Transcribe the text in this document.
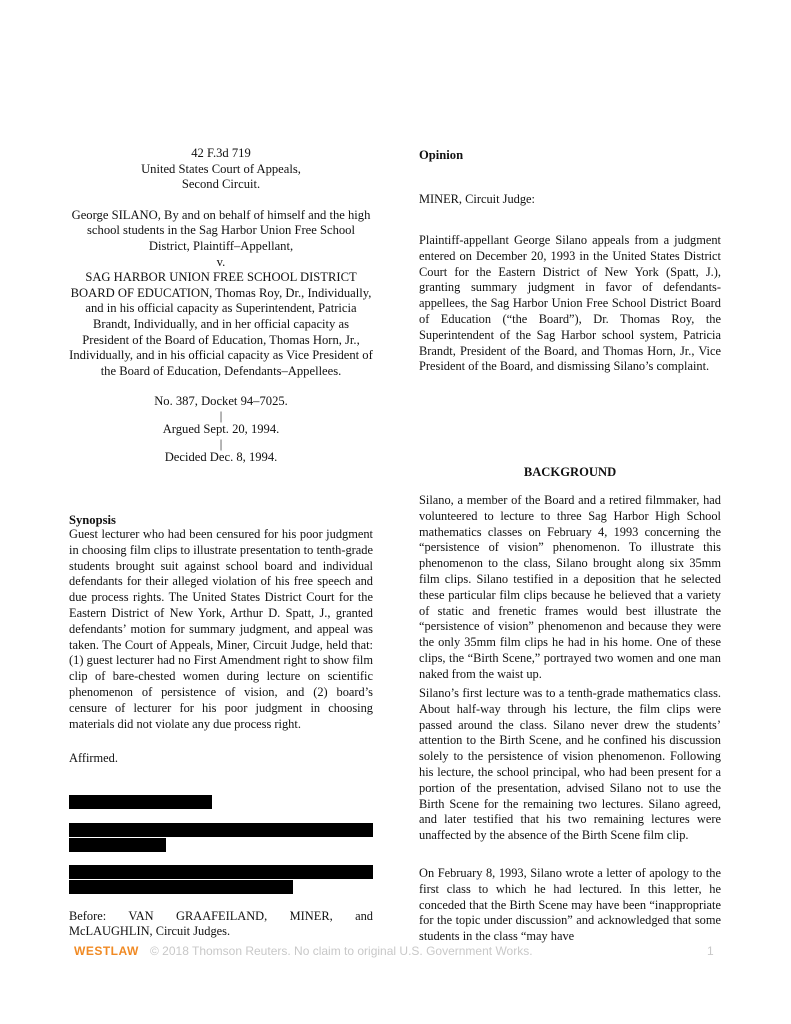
42 F.3d 719
United States Court of Appeals,
Second Circuit.
George SILANO, By and on behalf of himself and the high school students in the Sag Harbor Union Free School District, Plaintiff–Appellant,
v.
SAG HARBOR UNION FREE SCHOOL DISTRICT BOARD OF EDUCATION, Thomas Roy, Dr., Individually, and in his official capacity as Superintendent, Patricia Brandt, Individually, and in her official capacity as President of the Board of Education, Thomas Horn, Jr., Individually, and in his official capacity as Vice President of the Board of Education, Defendants–Appellees.
No. 387, Docket 94–7025.
|
Argued Sept. 20, 1994.
|
Decided Dec. 8, 1994.
Synopsis
Guest lecturer who had been censured for his poor judgment in choosing film clips to illustrate presentation to tenth-grade students brought suit against school board and individual defendants for their alleged violation of his free speech and due process rights. The United States District Court for the Eastern District of New York, Arthur D. Spatt, J., granted defendants’ motion for summary judgment, and appeal was taken. The Court of Appeals, Miner, Circuit Judge, held that: (1) guest lecturer had no First Amendment right to show film clip of bare-chested women during lecture on scientific phenomenon of persistence of vision, and (2) board’s censure of lecturer for his poor judgment in choosing materials did not violate any due process right.
Affirmed.
Before: VAN GRAAFEILAND, MINER, and McLAUGHLIN, Circuit Judges.
Opinion
MINER, Circuit Judge:
Plaintiff-appellant George Silano appeals from a judgment entered on December 20, 1993 in the United States District Court for the Eastern District of New York (Spatt, J.), granting summary judgment in favor of defendants-appellees, the Sag Harbor Union Free School District Board of Education (“the Board”), Dr. Thomas Roy, the Superintendent of the Sag Harbor school system, Patricia Brandt, President of the Board, and Thomas Horn, Jr., Vice President of the Board, and dismissing Silano’s complaint.
BACKGROUND
Silano, a member of the Board and a retired filmmaker, had volunteered to lecture to three Sag Harbor High School mathematics classes on February 4, 1993 concerning the “persistence of vision” phenomenon. To illustrate this phenomenon to the class, Silano brought along six 35mm film clips. Silano testified in a deposition that he selected these particular film clips because he believed that a variety of static and frenetic frames would best illustrate the “persistence of vision” phenomenon and because they were the only 35mm film clips he had in his home. One of these clips, the “Birth Scene,” portrayed two women and one man naked from the waist up.
Silano’s first lecture was to a tenth-grade mathematics class. About half-way through his lecture, the film clips were passed around the class. Silano never drew the students’ attention to the Birth Scene, and he confined his discussion solely to the persistence of vision phenomenon. Following his lecture, the school principal, who had been present for a portion of the presentation, advised Silano not to use the Birth Scene for the remaining two lectures. Silano agreed, and later testified that his two remaining lectures were unaffected by the absence of the Birth Scene film clip.
On February 8, 1993, Silano wrote a letter of apology to the first class to which he had lectured. In this letter, he conceded that the Birth Scene may have been “inappropriate for the topic under discussion” and acknowledged that some students in the class “may have
WESTLAW © 2018 Thomson Reuters. No claim to original U.S. Government Works.	1
